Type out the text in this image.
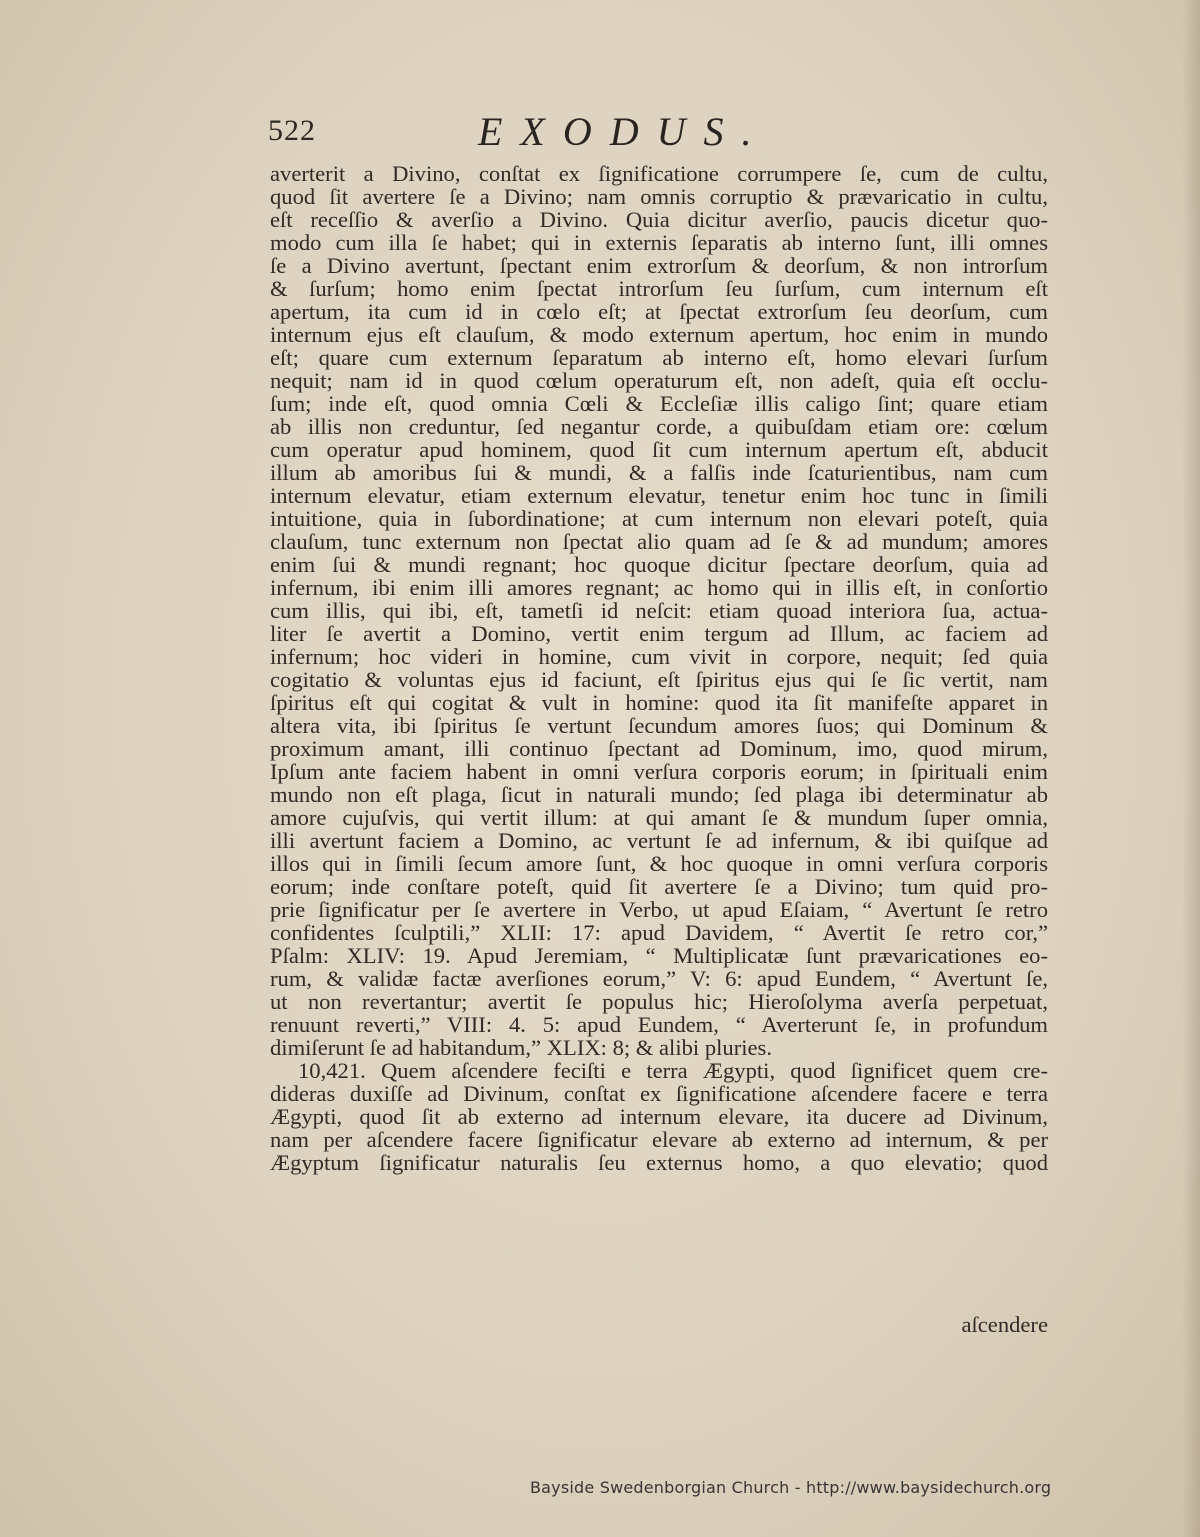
522	EXODUS.
averterit a Divino, conſtat ex ſignificatione corrumpere ſe, cum de cultu,
quod ſit avertere ſe a Divino; nam omnis corruptio & prævaricatio in cultu,
eſt receſſio & averſio a Divino. Quia dicitur averſio, paucis dicetur quo-
modo cum illa ſe habet; qui in externis ſeparatis ab interno ſunt, illi omnes
ſe a Divino avertunt, ſpectant enim extrorſum & deorſum, & non introrſum
& ſurſum; homo enim ſpectat introrſum ſeu ſurſum, cum internum eſt
apertum, ita cum id in cœlo eſt; at ſpectat extrorſum ſeu deorſum, cum
internum ejus eſt clauſum, & modo externum apertum, hoc enim in mundo
eſt; quare cum externum ſeparatum ab interno eſt, homo elevari ſurſum
nequit; nam id in quod cœlum operaturum eſt, non adeſt, quia eſt occlu-
ſum; inde eſt, quod omnia Cœli & Eccleſiæ illis caligo ſint; quare etiam
ab illis non creduntur, ſed negantur corde, a quibuſdam etiam ore: cœlum
cum operatur apud hominem, quod ſit cum internum apertum eſt, abducit
illum ab amoribus ſui & mundi, & a falſis inde ſcaturientibus, nam cum
internum elevatur, etiam externum elevatur, tenetur enim hoc tunc in ſimili
intuitione, quia in ſubordinatione; at cum internum non elevari poteſt, quia
clauſum, tunc externum non ſpectat alio quam ad ſe & ad mundum; amores
enim ſui & mundi regnant; hoc quoque dicitur ſpectare deorſum, quia ad
infernum, ibi enim illi amores regnant; ac homo qui in illis eſt, in conſortio
cum illis, qui ibi, eſt, tametſi id neſcit: etiam quoad interiora ſua, actua-
liter ſe avertit a Domino, vertit enim tergum ad Illum, ac faciem ad
infernum; hoc videri in homine, cum vivit in corpore, nequit; ſed quia
cogitatio & voluntas ejus id faciunt, eſt ſpiritus ejus qui ſe ſic vertit, nam
ſpiritus eſt qui cogitat & vult in homine: quod ita ſit manifeſte apparet in
altera vita, ibi ſpiritus ſe vertunt ſecundum amores ſuos; qui Dominum &
proximum amant, illi continuo ſpectant ad Dominum, imo, quod mirum,
Ipſum ante faciem habent in omni verſura corporis eorum; in ſpirituali enim
mundo non eſt plaga, ſicut in naturali mundo; ſed plaga ibi determinatur ab
amore cujuſvis, qui vertit illum: at qui amant ſe & mundum ſuper omnia,
illi avertunt faciem a Domino, ac vertunt ſe ad infernum, & ibi quiſque ad
illos qui in ſimili ſecum amore ſunt, & hoc quoque in omni verſura corporis
eorum; inde conſtare poteſt, quid ſit avertere ſe a Divino; tum quid pro-
prie ſignificatur per ſe avertere in Verbo, ut apud Eſaiam, “ Avertunt ſe retro
confidentes ſculptili,” XLII: 17: apud Davidem, “ Avertit ſe retro cor,”
Pſalm: XLIV: 19. Apud Jeremiam, “ Multiplicatæ ſunt prævaricationes eo-
rum, & validæ factæ averſiones eorum,” V: 6: apud Eundem, “ Avertunt ſe,
ut non revertantur; avertit ſe populus hic; Hieroſolyma averſa perpetuat,
renuunt reverti,” VIII: 4. 5: apud Eundem, “ Averterunt ſe, in profundum
dimiſerunt ſe ad habitandum,” XLIX: 8; & alibi pluries.
10,421. Quem aſcendere feciſti e terra Ægypti, quod ſignificet quem cre-
dideras duxiſſe ad Divinum, conſtat ex ſignificatione aſcendere facere e terra
Ægypti, quod ſit ab externo ad internum elevare, ita ducere ad Divinum,
nam per aſcendere facere ſignificatur elevare ab externo ad internum, & per
Ægyptum ſignificatur naturalis ſeu externus homo, a quo elevatio; quod
aſcendere
Bayside Swedenborgian Church - http://www.baysidechurch.org
